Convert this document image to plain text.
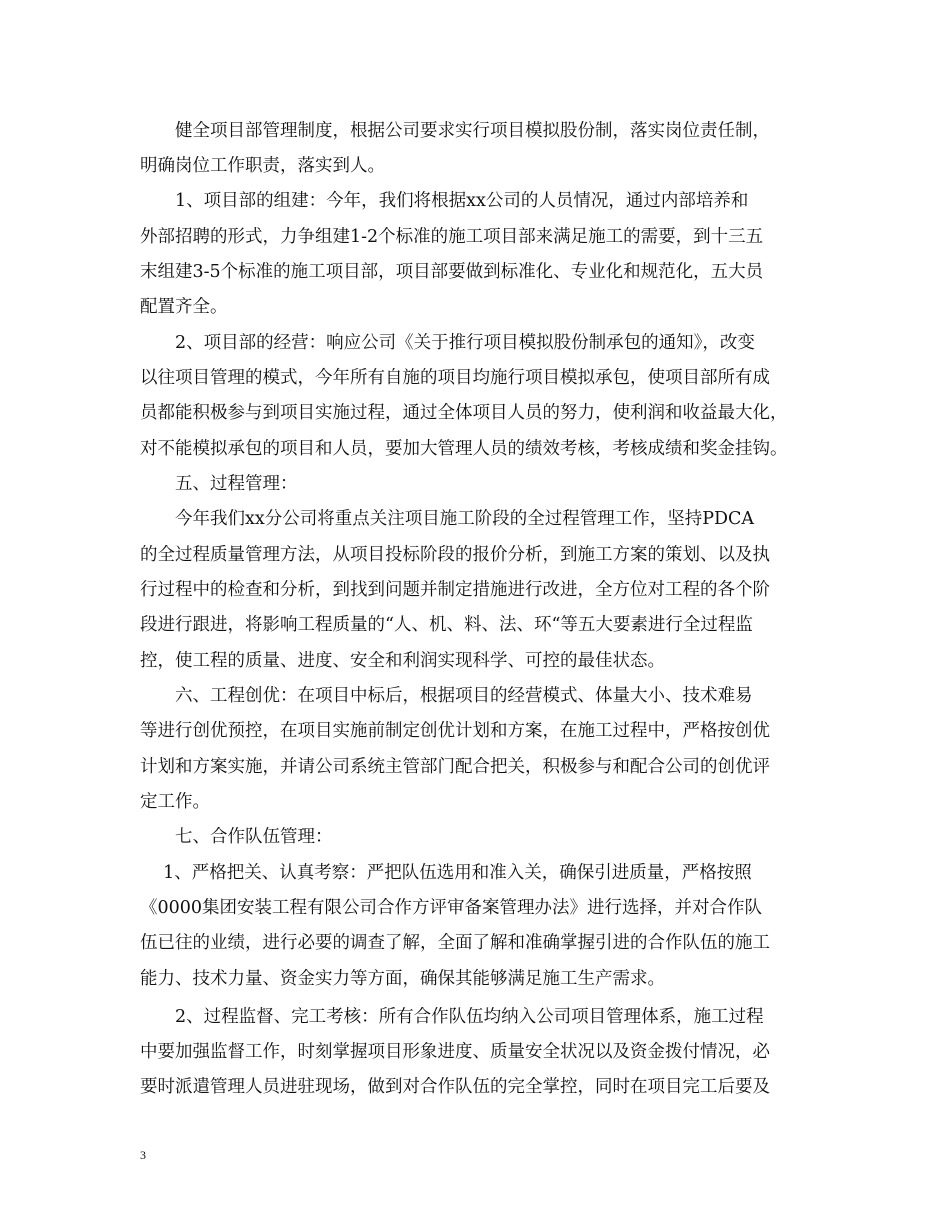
　　健全项目部管理制度，根据公司要求实行项目模拟股份制，落实岗位责任制，
明确岗位工作职责，落实到人。
　　1、项目部的组建：今年，我们将根据xx公司的人员情况，通过内部培养和
外部招聘的形式，力争组建1-2个标准的施工项目部来满足施工的需要，到十三五
末组建3-5个标准的施工项目部，项目部要做到标准化、专业化和规范化，五大员
配置齐全。
　　2、项目部的经营：响应公司《关于推行项目模拟股份制承包的通知》，改变
以往项目管理的模式，今年所有自施的项目均施行项目模拟承包，使项目部所有成
员都能积极参与到项目实施过程，通过全体项目人员的努力，使利润和收益最大化，
对不能模拟承包的项目和人员，要加大管理人员的绩效考核，考核成绩和奖金挂钩。
　　五、过程管理：
　　今年我们xx分公司将重点关注项目施工阶段的全过程管理工作，坚持PDCA
的全过程质量管理方法，从项目投标阶段的报价分析，到施工方案的策划、以及执
行过程中的检查和分析，到找到问题并制定措施进行改进，全方位对工程的各个阶
段进行跟进，将影响工程质量的“人、机、料、法、环“等五大要素进行全过程监
控，使工程的质量、进度、安全和利润实现科学、可控的最佳状态。
　　六、工程创优：在项目中标后，根据项目的经营模式、体量大小、技术难易
等进行创优预控，在项目实施前制定创优计划和方案，在施工过程中，严格按创优
计划和方案实施，并请公司系统主管部门配合把关，积极参与和配合公司的创优评
定工作。
　　七、合作队伍管理：
　 1、严格把关、认真考察：严把队伍选用和准入关，确保引进质量，严格按照
《0000集团安装工程有限公司合作方评审备案管理办法》进行选择，并对合作队
伍已往的业绩，进行必要的调查了解，全面了解和准确掌握引进的合作队伍的施工
能力、技术力量、资金实力等方面，确保其能够满足施工生产需求。
　　2、过程监督、完工考核：所有合作队伍均纳入公司项目管理体系，施工过程
中要加强监督工作，时刻掌握项目形象进度、质量安全状况以及资金拨付情况，必
要时派遣管理人员进驻现场，做到对合作队伍的完全掌控，同时在项目完工后要及
3
